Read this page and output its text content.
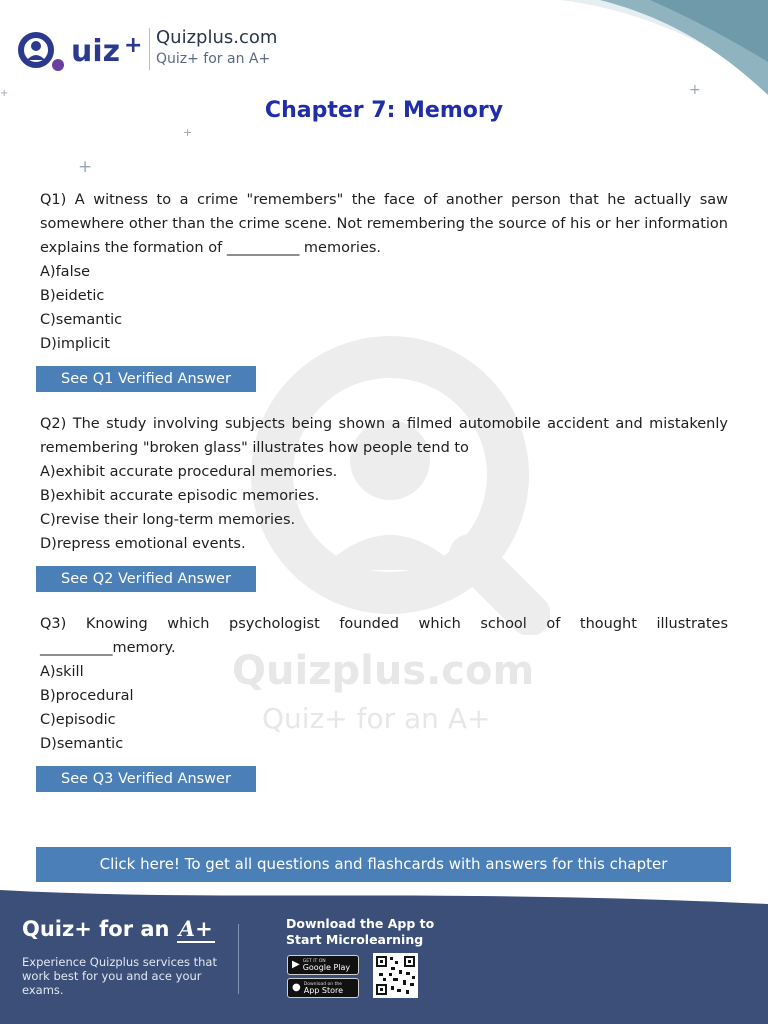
+
+
+
+
Quizplus.com
Quiz+ for an A+
uiz + Quizplus.com
Quiz+ for an A+
Chapter 7: Memory
Q1) A witness to a crime "remembers" the face of another person that he actually saw somewhere other than the crime scene. Not remembering the source of his or her information explains the formation of __________ memories.
A)false
B)eidetic
C)semantic
D)implicit
See Q1 Verified Answer
Q2) The study involving subjects being shown a filmed automobile accident and mistakenly remembering "broken glass" illustrates how people tend to
A)exhibit accurate procedural memories.
B)exhibit accurate episodic memories.
C)revise their long-term memories.
D)repress emotional events.
See Q2 Verified Answer
Q3) Knowing which psychologist founded which school of thought illustrates __________memory.
A)skill
B)procedural
C)episodic
D)semantic
See Q3 Verified Answer
Click here! To get all questions and flashcards with answers for this chapter
Quiz+ for an A+
Experience Quizplus services that work best for you and ace your exams.
Download the App to Start Microlearning
▶ GET IT ON
Google Play
● Download on the
App Store
